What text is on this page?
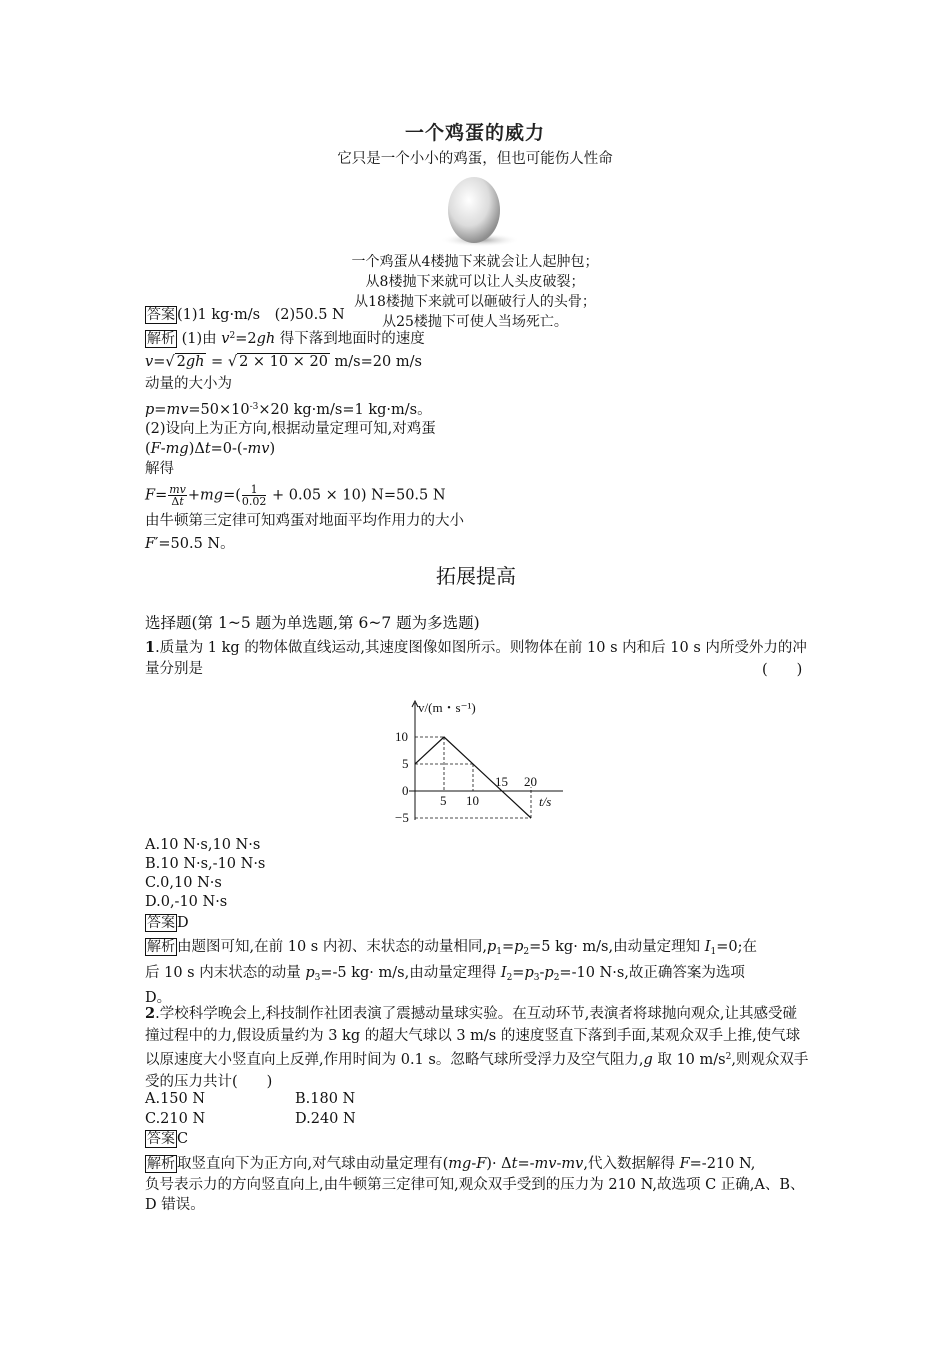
一个鸡蛋的威力
它只是一个小小的鸡蛋，但也可能伤人性命
一个鸡蛋从4楼抛下来就会让人起肿包；
从8楼抛下来就可以让人头皮破裂；
从18楼抛下来就可以砸破行人的头骨；
从25楼抛下可使人当场死亡。
答案 (1)1 kg·m/s　(2)50.5 N
解析 (1)由 $v^2=2gh$ 得下落到地面时的速度
v=√ 2gh = √ 2 × 10 × 20 m/s=20 m/s
动量的大小为
$p=mv=50\times 10^{-3}\times 20$ kg·m/s=1 kg·m/s。
(2)设向上为正方向,根据动量定理可知,对鸡蛋
(F-mg)Δt=0-(-mv)
解得
$F= \frac{mv}{\Delta t} +mg=( \frac{1}{0.02} + 0.05 \times 10)$ N=50.5 N
由牛顿第三定律可知鸡蛋对地面平均作用力的大小
F′=50.5 N。
拓展提高
选择题(第 1~5 题为单选题,第 6~7 题为多选题)
1.质量为 1 kg 的物体做直线运动,其速度图像如图所示。则物体在前 10 s 内和后 10 s 内所受外力的冲量分别是	(　　)
v/(m・s⁻¹)
10
5
0
−5
5 10
15 20
t/s
A.10 N·s,10 N·s
B.10 N·s,-10 N·s
C.0,10 N·s
D.0,-10 N·s
答案 D
解析 由题图可知,在前 10 s 内初、末状态的动量相同$,p_1=p_2=5$ kg· m/s,由动量定理知 $I_1=0$;在
后 10 s 内末状态的动量 $p_3=-5$ kg· m/s,由动量定理得 $I_2=p_3-p_2=-10$ N·s,故正确答案为选项
D。
2.学校科学晚会上,科技制作社团表演了震撼动量球实验。在互动环节,表演者将球抛向观众,让其感受碰撞过程中的力,假设质量约为 3 kg 的超大气球以 3 m/s 的速度竖直下落到手面,某观众双手上推,使气球以原速度大小竖直向上反弹,作用时间为 0.1 s。忽略气球所受浮力及空气阻力,g 取 10 $m/s^2$,则观众双手受的压力共计(　　)
A.150 N	B.180 N
C.210 N	D.240 N
答案 C
解析 取竖直向下为正方向,对气球由动量定理有(mg-F)· Δt=-mv-mv,代入数据解得 F=-210 N,
负号表示力的方向竖直向上,由牛顿第三定律可知,观众双手受到的压力为 210 N,故选项 C 正确,A、B、D 错误。
